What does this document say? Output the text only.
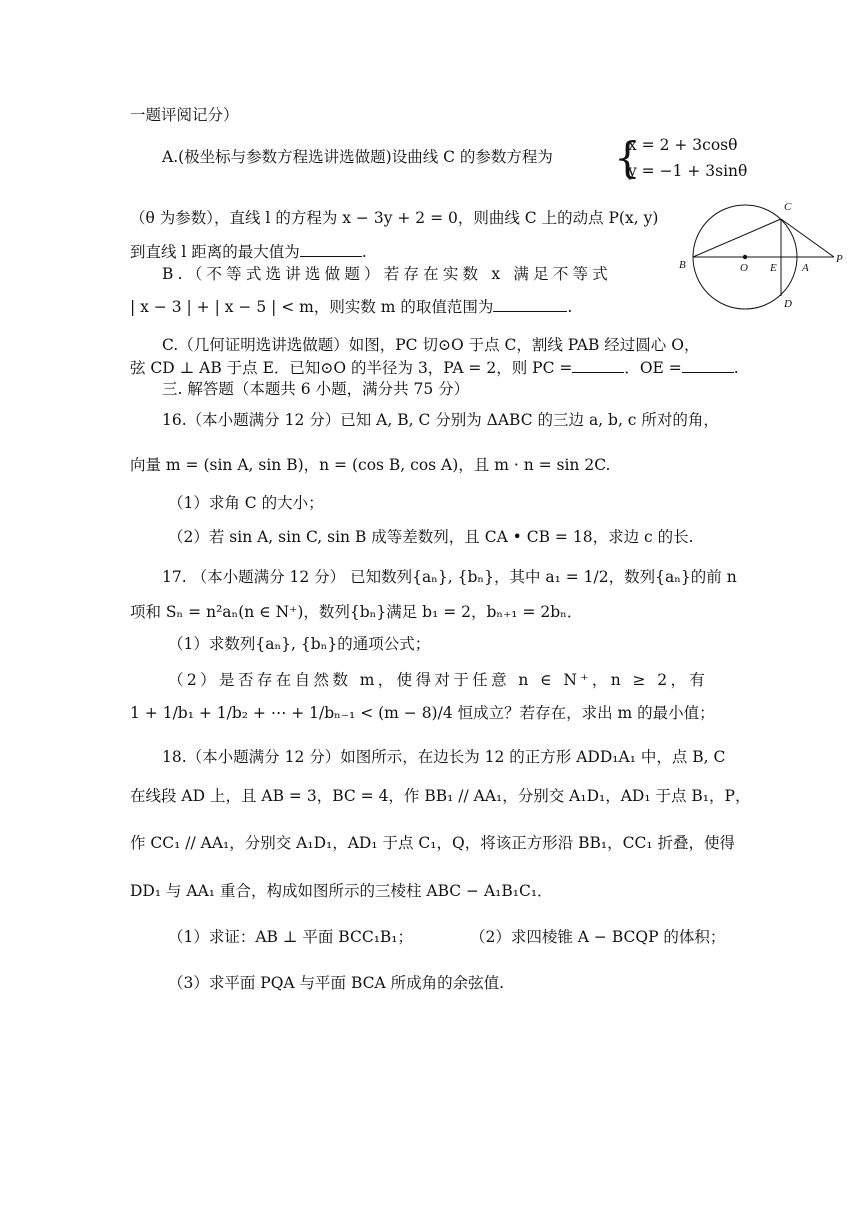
一题评阅记分）
A.(极坐标与参数方程选讲选做题)设曲线 C 的参数方程为 {
x = 2 + 3cosθ
y = −1 + 3sinθ
（θ 为参数），直线 l 的方程为 x − 3y + 2 = 0，则曲线 C 上的动点 P(x, y)
到直线 l 距离的最大值为	.
B.（不等式选讲选做题）若存在实数 x 满足不等式
| x − 3 | + | x − 5 | < m，则实数 m 的取值范围为	.
C.（几何证明选讲选做题）如图，PC 切⊙O 于点 C，割线 PAB 经过圆心 O，
弦 CD ⊥ AB 于点 E．已知⊙O 的半径为 3，PA = 2，则 PC =	．OE =	.
三. 解答题（本题共 6 小题，满分共 75 分）
16.（本小题满分 12 分）已知 A, B, C 分别为 ΔABC 的三边 a, b, c 所对的角，
向量 m = (sin A, sin B)，n = (cos B, cos A)，且 m · n = sin 2C.
（1）求角 C 的大小；
（2）若 sin A, sin C, sin B 成等差数列，且 CA • CB = 18，求边 c 的长.
17. （本小题满分 12 分） 已知数列{aₙ}, {bₙ}，其中 a₁ = 1/2，数列{aₙ}的前 n
项和 Sₙ = n²aₙ(n ∈ N⁺)，数列{bₙ}满足 b₁ = 2，bₙ₊₁ = 2bₙ．
（1）求数列{aₙ}, {bₙ}的通项公式；
（2）是否存在自然数 m，使得对于任意 n ∈ N⁺，n ≥ 2，有
1 + 1/b₁ + 1/b₂ + ⋯ + 1/bₙ₋₁ < (m − 8)/4 恒成立？若存在，求出 m 的最小值；
18.（本小题满分 12 分）如图所示，在边长为 12 的正方形 ADD₁A₁ 中，点 B, C
在线段 AD 上，且 AB = 3，BC = 4，作 BB₁ // AA₁，分别交 A₁D₁，AD₁ 于点 B₁，P，
作 CC₁ // AA₁，分别交 A₁D₁，AD₁ 于点 C₁，Q，将该正方形沿 BB₁，CC₁ 折叠，使得
DD₁ 与 AA₁ 重合，构成如图所示的三棱柱 ABC − A₁B₁C₁．
（1）求证：AB ⊥ 平面 BCC₁B₁；	（2）求四棱锥 A − BCQP 的体积；
（3）求平面 PQA 与平面 BCA 所成角的余弦值.
B	O E A
P
C
D
